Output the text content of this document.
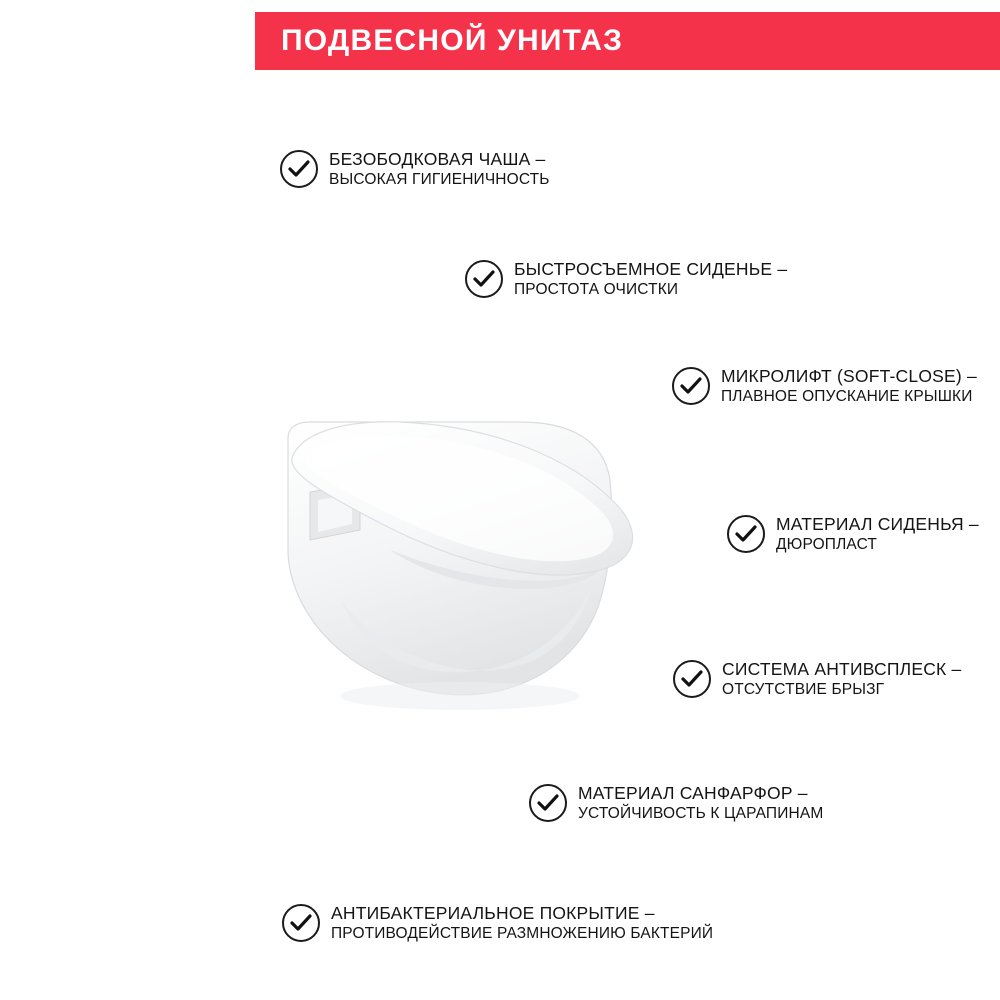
ПОДВЕСНОЙ УНИТАЗ
БЕЗОБОДКОВАЯ ЧАША –
ВЫСОКАЯ ГИГИЕНИЧНОСТЬ
БЫСТРОСЪЕМНОЕ СИДЕНЬЕ –
ПРОСТОТА ОЧИСТКИ
МИКРОЛИФТ (SOFT-CLOSE) –
ПЛАВНОЕ ОПУСКАНИЕ КРЫШКИ
МАТЕРИАЛ СИДЕНЬЯ –
ДЮРОПЛАСТ
СИСТЕМА АНТИВСПЛЕСК –
ОТСУТСТВИЕ БРЫЗГ
МАТЕРИАЛ САНФАРФОР –
УСТОЙЧИВОСТЬ К ЦАРАПИНАМ
АНТИБАКТЕРИАЛЬНОЕ ПОКРЫТИЕ –
ПРОТИВОДЕЙСТВИЕ РАЗМНОЖЕНИЮ БАКТЕРИЙ
